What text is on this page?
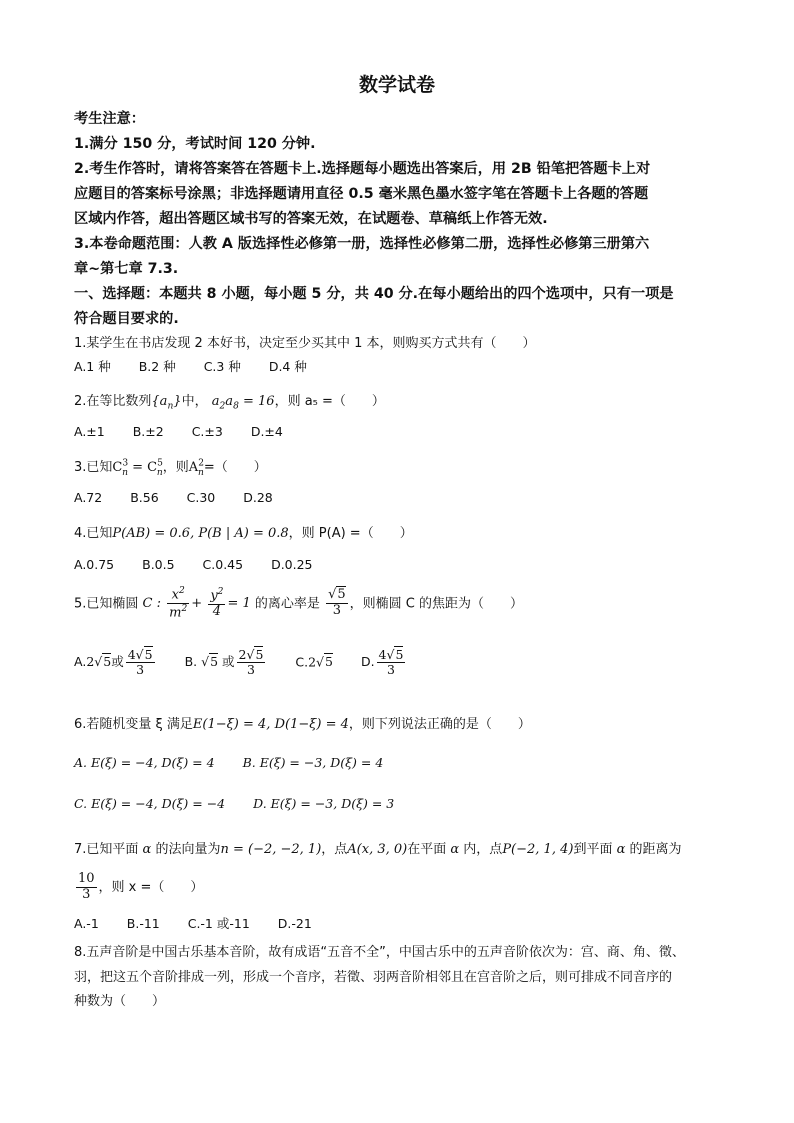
数学试卷
考生注意：
1.满分 150 分，考试时间 120 分钟.
2.考生作答时，请将答案答在答题卡上.选择题每小题选出答案后，用 2B 铅笔把答题卡上对
应题目的答案标号涂黑；非选择题请用直径 0.5 毫米黑色墨水签字笔在答题卡上各题的答题
区域内作答，超出答题区域书写的答案无效，在试题卷、草稿纸上作答无效.
3.本卷命题范围：人教 A 版选择性必修第一册，选择性必修第二册，选择性必修第三册第六
章~第七章 7.3.
一、选择题：本题共 8 小题，每小题 5 分，共 40 分.在每小题给出的四个选项中，只有一项是
符合题目要求的.
1.某学生在书店发现 2 本好书，决定至少买其中 1 本，则购买方式共有（　　）
A.1 种 B.2 种 C.3 种 D.4 种
2.在等比数列$\{a_n\}$中， $a_2a_8 = 16$，则 a₅ =（　　）
A.±1 B.±2 C.±3 D.±4
3.已知$C^3_n = C^5_n$，则$A^2_n=$（　　）
A.72 B.56 C.30 D.28
4.已知P(AB) = 0.6, P(B | A) = 0.8，则 P(A) =（　　）
A.0.75 B.0.5 C.0.45 D.0.25
5.已知椭圆 C : $\frac{x^2}{m^2} + \frac{y^2}{4} = 1$ 的离心率是 $\frac{√5}{3}$ ，则椭圆 C 的焦距为（　　）
A.2√5或 $\frac{4√5}{3} B$. √5 或 $\frac{2√5}{3} C.2√5$ D. $\frac{4√5}{3}$
6.若随机变量 ξ 满足E(1−ξ) = 4, D(1−ξ) = 4，则下列说法正确的是（　　）
A. E(ξ) = −4, D(ξ) = 4 B. E(ξ) = −3, D(ξ) = 4
C. E(ξ) = −4, D(ξ) = −4 D. E(ξ) = −3, D(ξ) = 3
7.已知平面 α 的法向量为n = (−2, −2, 1)，点A(x, 3, 0)在平面 α 内，点P(−2, 1, 4)到平面 α 的距离为
$\frac{10}{3}$ ，则 x =（　　）
A.-1 B.-11 C.-1 或-11 D.-21
8.五声音阶是中国古乐基本音阶，故有成语“五音不全”，中国古乐中的五声音阶依次为：宫、商、角、徵、
羽，把这五个音阶排成一列，形成一个音序，若徵、羽两音阶相邻且在宫音阶之后，则可排成不同音序的
种数为（　　）
